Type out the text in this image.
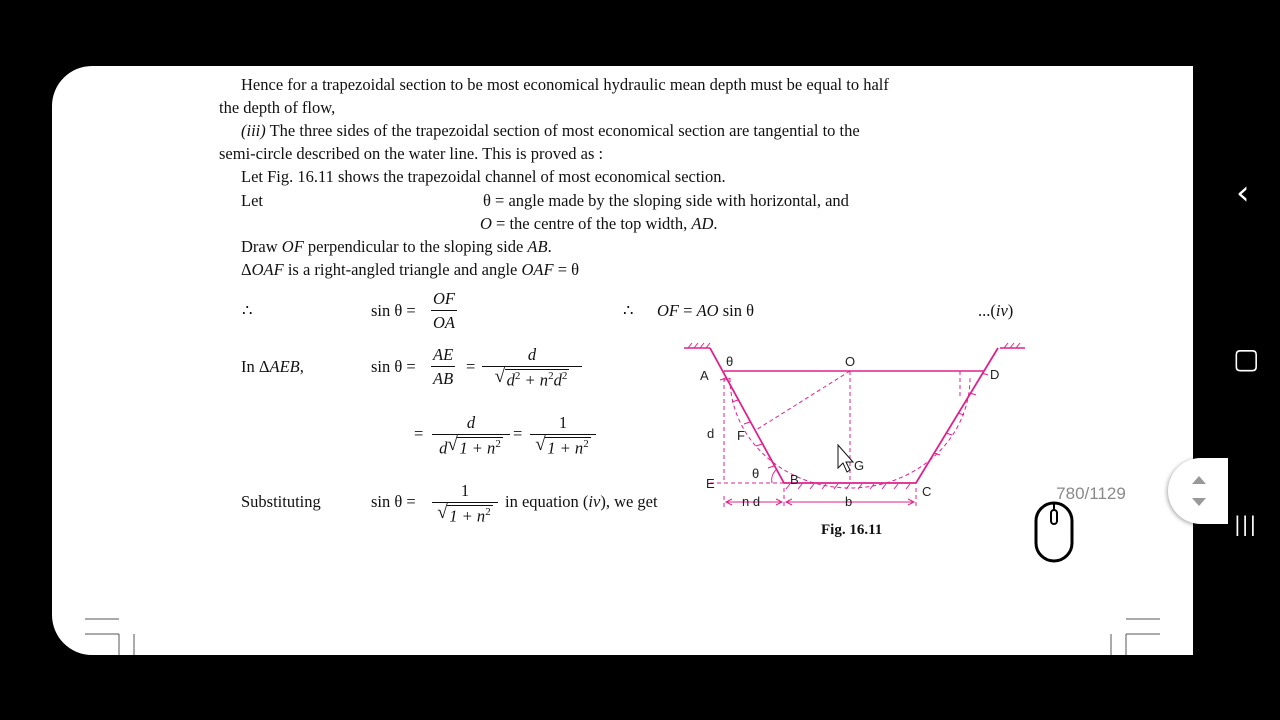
Hence for a trapezoidal section to be most economical hydraulic mean depth must be equal to half
the depth of flow,
(iii) The three sides of the trapezoidal section of most economical section are tangential to the
semi-circle described on the water line. This is proved as :
Let Fig. 16.11 shows the trapezoidal channel of most economical section.
Let	θ = angle made by the sloping side with horizontal, and
O = the centre of the top width, AD.
Draw OF perpendicular to the sloping side AB.
ΔOAF is a right-angled triangle and angle OAF = θ
∴	$\sin \theta = \frac{OF}{OA}$	∴ OF = AO sin θ	...(iv)
In ΔAEB,	$\sin \theta = \frac{AE}{AB} = \frac{d}{√ d^2 + n^2d^2}$
= $\frac{d}{d √ 1 + n^2} = \frac{1}{√ 1 + n^2}$
Substituting	$\sin \theta = \frac{1}{√ 1 + n^2}$ in equation (iv), we get
A
B
C
D
E
F
G
O
θ
θ
d
n d	b
Fig. 16.11
780/1129
‹
▢
|||
